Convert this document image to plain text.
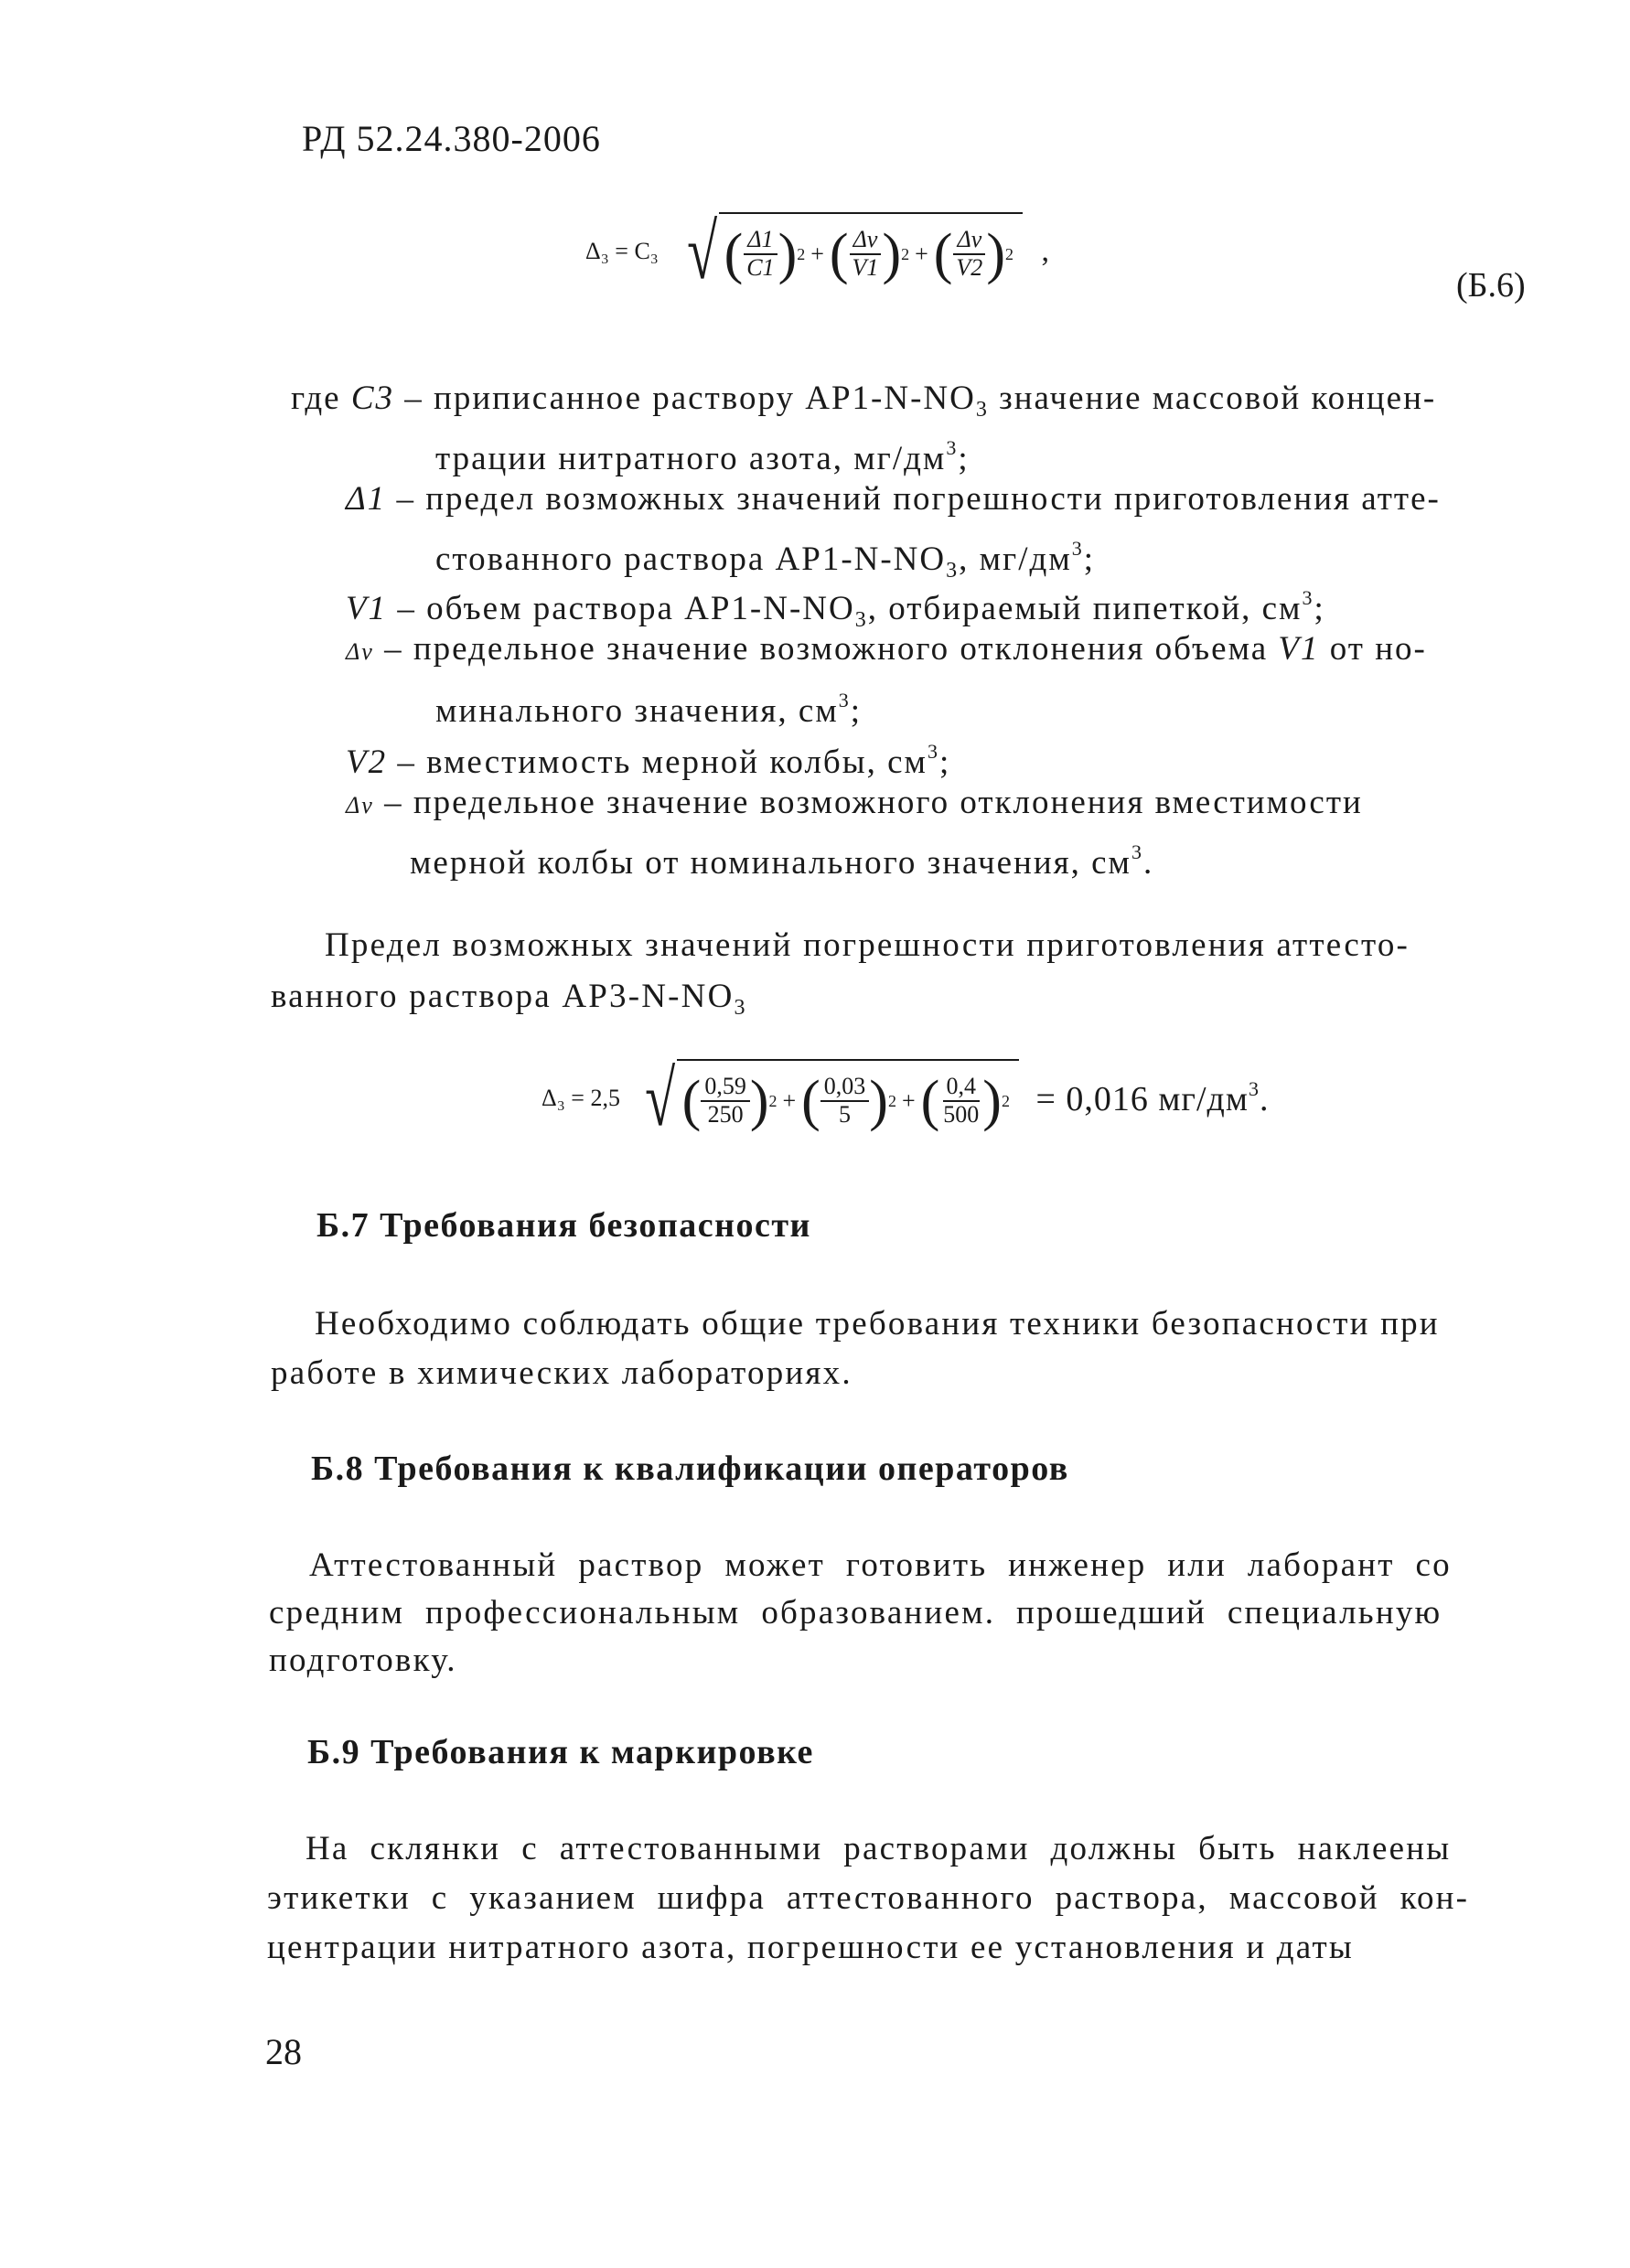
РД 52.24.380-2006
Δ₃ = C₃ √ ( $\frac{\Delta 1}{C1}$ ) 2 + ( $\frac{\Delta v}{V1}$ ) 2 + ( $\frac{\Delta v}{V2}$ ) 2 ,
(Б.6)
где C3 – приписанное раствору $АР1-N-NO_3$ значение массовой концен-
трации нитратного азота, $мг/дм^3$;
Δ1 – предел возможных значений погрешности приготовления атте-
стованного раствора $АР1-N-NO_3$, $мг/дм^3$;
V1 – объем раствора $АР1-N-NO_3$, отбираемый пипеткой, $см^3$;
Δv – предельное значение возможного отклонения объема V1 от но-
минального значения, $см^3$;
V2 – вместимость мерной колбы, $см^3$;
Δv – предельное значение возможного отклонения вместимости
мерной колбы от номинального значения, $см^3$.
Предел возможных значений погрешности приготовления аттесто-
ванного раствора $АР3-N-NO_3$
Δ₃ = 2,5 √ ( $\frac{0,59}{250}$ ) 2 + ( $\frac{0,03}{5}$ ) 2 + ( $\frac{0,4}{500}$ ) 2 = 0,016 $мг/дм^3$.
Б.7 Требования безопасности
Необходимо соблюдать общие требования техники безопасности при
работе в химических лабораториях.
Б.8 Требования к квалификации операторов
Аттестованный  раствор  может  готовить  инженер  или  лаборант  со
средним  профессиональным  образованием.  прошедший  специальную
подготовку.
Б.9 Требования к маркировке
На  склянки  с  аттестованными  растворами  должны  быть  наклеены
этикетки  с  указанием  шифра  аттестованного  раствора,  массовой  кон-
центрации нитратного азота, погрешности ее установления и даты
28
